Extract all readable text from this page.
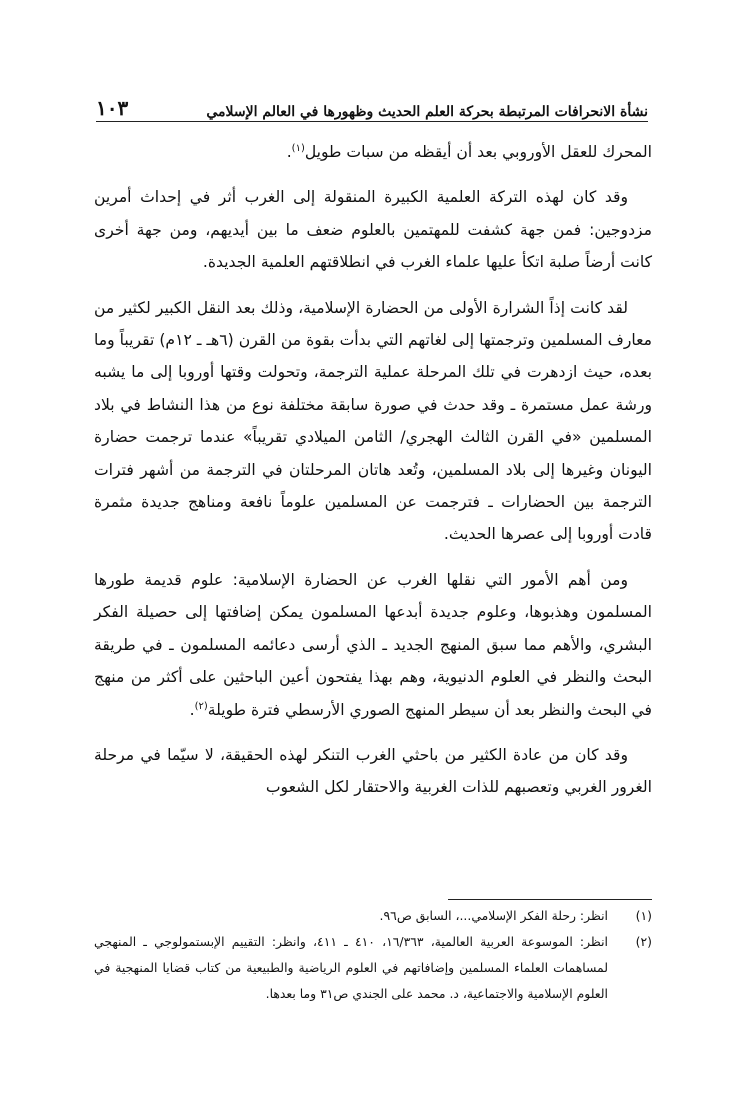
نشأة الانحرافات المرتبطة بحركة العلم الحديث وظهورها في العالم الإسلامي
١٠٣

المحرك للعقل الأوروبي بعد أن أيقظه من سبات طويل$^{(١)}$.

وقد كان لهذه التركة العلمية الكبيرة المنقولة إلى الغرب أثر في إحداث أمرين مزدوجين: فمن جهة كشفت للمهتمين بالعلوم ضعف ما بين أيديهم، ومن جهة أخرى كانت أرضاً صلبة اتكأ عليها علماء الغرب في انطلاقتهم العلمية الجديدة.

لقد كانت إذاً الشرارة الأولى من الحضارة الإسلامية، وذلك بعد النقل الكبير لكثير من معارف المسلمين وترجمتها إلى لغاتهم التي بدأت بقوة من القرن (٦هـ ـ ١٢م) تقريباً وما بعده، حيث ازدهرت في تلك المرحلة عملية الترجمة، وتحولت وقتها أوروبا إلى ما يشبه ورشة عمل مستمرة ـ وقد حدث في صورة سابقة مختلفة نوع من هذا النشاط في بلاد المسلمين «في القرن الثالث الهجري/ الثامن الميلادي تقريباً» عندما ترجمت حضارة اليونان وغيرها إلى بلاد المسلمين، وتُعد هاتان المرحلتان في الترجمة من أشهر فترات الترجمة بين الحضارات ـ فترجمت عن المسلمين علوماً نافعة ومناهج جديدة مثمرة قادت أوروبا إلى عصرها الحديث.

ومن أهم الأمور التي نقلها الغرب عن الحضارة الإسلامية: علوم قديمة طورها المسلمون وهذبوها، وعلوم جديدة أبدعها المسلمون يمكن إضافتها إلى حصيلة الفكر البشري، والأهم مما سبق المنهج الجديد ـ الذي أرسى دعائمه المسلمون ـ في طريقة البحث والنظر في العلوم الدنيوية، وهم بهذا يفتحون أعين الباحثين على أكثر من منهج في البحث والنظر بعد أن سيطر المنهج الصوري الأرسطي فترة طويلة$^{(٢)}$.

وقد كان من عادة الكثير من باحثي الغرب التنكر لهذه الحقيقة، لا سيّما في مرحلة الغرور الغربي وتعصبهم للذات الغربية والاحتقار لكل الشعوب

(١)
انظر: رحلة الفكر الإسلامي...، السابق ص٩٦.
(٢)
انظر: الموسوعة العربية العالمية، ١٦/٣٦٣، ٤١٠ ـ ٤١١، وانظر: التقييم الإبستمولوجي ـ المنهجي لمساهمات العلماء المسلمين وإضافاتهم في العلوم الرياضية والطبيعية من كتاب قضايا المنهجية في العلوم الإسلامية والاجتماعية، د. محمد على الجندي ص٣١ وما بعدها.
